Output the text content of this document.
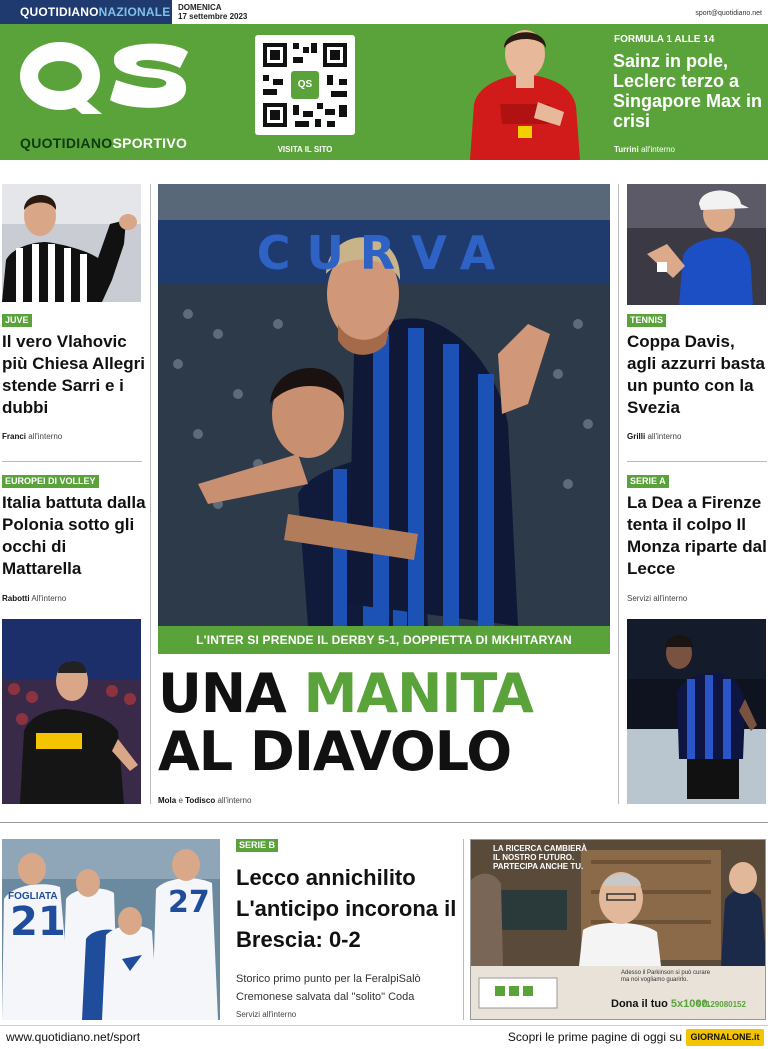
QUOTIDIANONAZIONALE DOMENICA
17 settembre 2023	sport@quotidiano.net
QUOTIDIANOSPORTIVO
QS
VISITA IL SITO
FORMULA 1 ALLE 14
Sainz in pole, Leclerc terzo a Singapore Max in crisi
Turrini all'interno
JUVE
Il vero Vlahovic più Chiesa Allegri stende Sarri e i dubbi
Franci all'interno
EUROPEI DI VOLLEY
Italia battuta dalla Polonia sotto gli occhi di Mattarella
Rabotti All'interno
CURVA
L'INTER SI PRENDE IL DERBY 5-1, DOPPIETTA DI MKHITARYAN
UNA MANITA
AL DIAVOLO
Mola e Todisco all'interno
TENNIS
Coppa Davis, agli azzurri basta un punto con la Svezia
Grilli all'interno
SERIE A
La Dea a Firenze tenta il colpo Il Monza riparte dal Lecce
Servizi all'interno
FOGLIATA
21	27
SERIE B
Lecco annichilito L'anticipo incorona il Brescia: 0-2
Storico primo punto per la FeralpiSalò Cremonese salvata dal "solito" Coda
Servizi all'interno
LA RICERCA CAMBIERÀ
IL NOSTRO FUTURO.
PARTECIPA ANCHE TU.
Adesso il Parkinson si può curare
ma noi vogliamo guarirlo.
Dona il tuo 5x1000.
97129080152
www.quotidiano.net/sport	Scopri le prime pagine di oggi su GIORNALONE.it
